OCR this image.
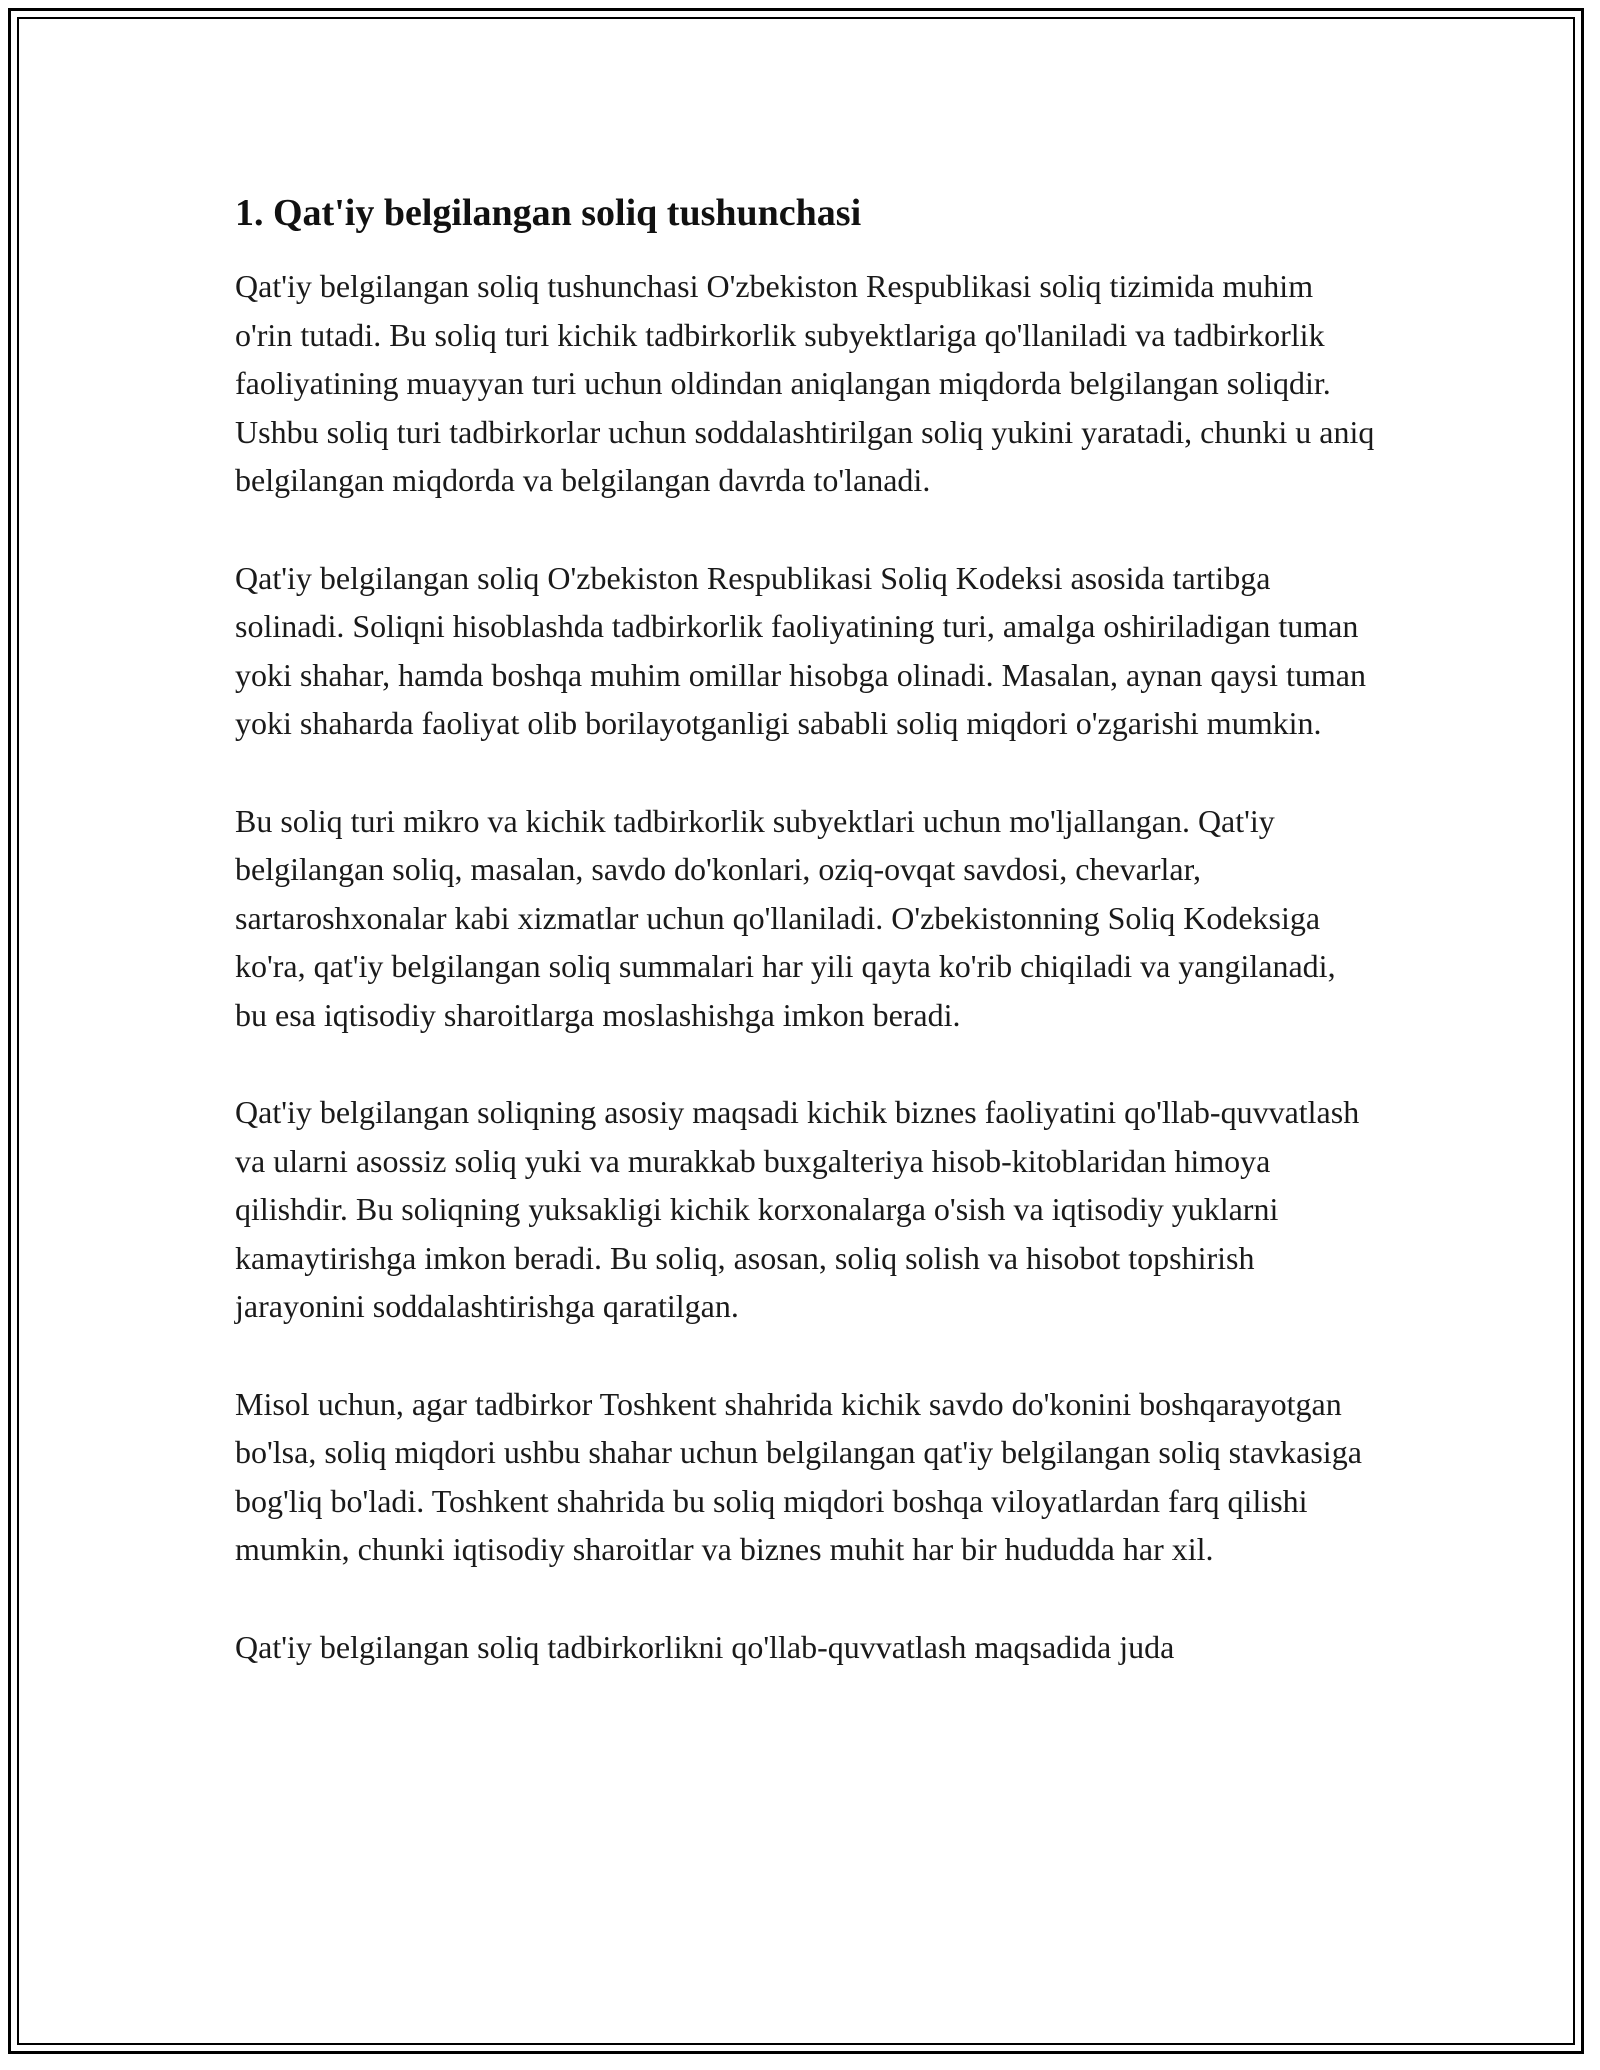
1. Qat'iy belgilangan soliq tushunchasi

Qat'iy belgilangan soliq tushunchasi O'zbekiston Respublikasi soliq tizimida muhim o'rin tutadi. Bu soliq turi kichik tadbirkorlik subyektlariga qo'llaniladi va tadbirkorlik faoliyatining muayyan turi uchun oldindan aniqlangan miqdorda belgilangan soliqdir. Ushbu soliq turi tadbirkorlar uchun soddalashtirilgan soliq yukini yaratadi, chunki u aniq belgilangan miqdorda va belgilangan davrda to'lanadi.

Qat'iy belgilangan soliq O'zbekiston Respublikasi Soliq Kodeksi asosida tartibga solinadi. Soliqni hisoblashda tadbirkorlik faoliyatining turi, amalga oshiriladigan tuman yoki shahar, hamda boshqa muhim omillar hisobga olinadi. Masalan, aynan qaysi tuman yoki shaharda faoliyat olib borilayotganligi sababli soliq miqdori o'zgarishi mumkin.

Bu soliq turi mikro va kichik tadbirkorlik subyektlari uchun mo'ljallangan. Qat'iy belgilangan soliq, masalan, savdo do'konlari, oziq-ovqat savdosi, chevarlar, sartaroshxonalar kabi xizmatlar uchun qo'llaniladi. O'zbekistonning Soliq Kodeksiga ko'ra, qat'iy belgilangan soliq summalari har yili qayta ko'rib chiqiladi va yangilanadi, bu esa iqtisodiy sharoitlarga moslashishga imkon beradi.

Qat'iy belgilangan soliqning asosiy maqsadi kichik biznes faoliyatini qo'llab-quvvatlash va ularni asossiz soliq yuki va murakkab buxgalteriya hisob-kitoblaridan himoya qilishdir. Bu soliqning yuksakligi kichik korxonalarga o'sish va iqtisodiy yuklarni kamaytirishga imkon beradi. Bu soliq, asosan, soliq solish va hisobot topshirish jarayonini soddalashtirishga qaratilgan.

Misol uchun, agar tadbirkor Toshkent shahrida kichik savdo do'konini boshqarayotgan bo'lsa, soliq miqdori ushbu shahar uchun belgilangan qat'iy belgilangan soliq stavkasiga bog'liq bo'ladi. Toshkent shahrida bu soliq miqdori boshqa viloyatlardan farq qilishi mumkin, chunki iqtisodiy sharoitlar va biznes muhit har bir hududda har xil.

Qat'iy belgilangan soliq tadbirkorlikni qo'llab-quvvatlash maqsadida juda
